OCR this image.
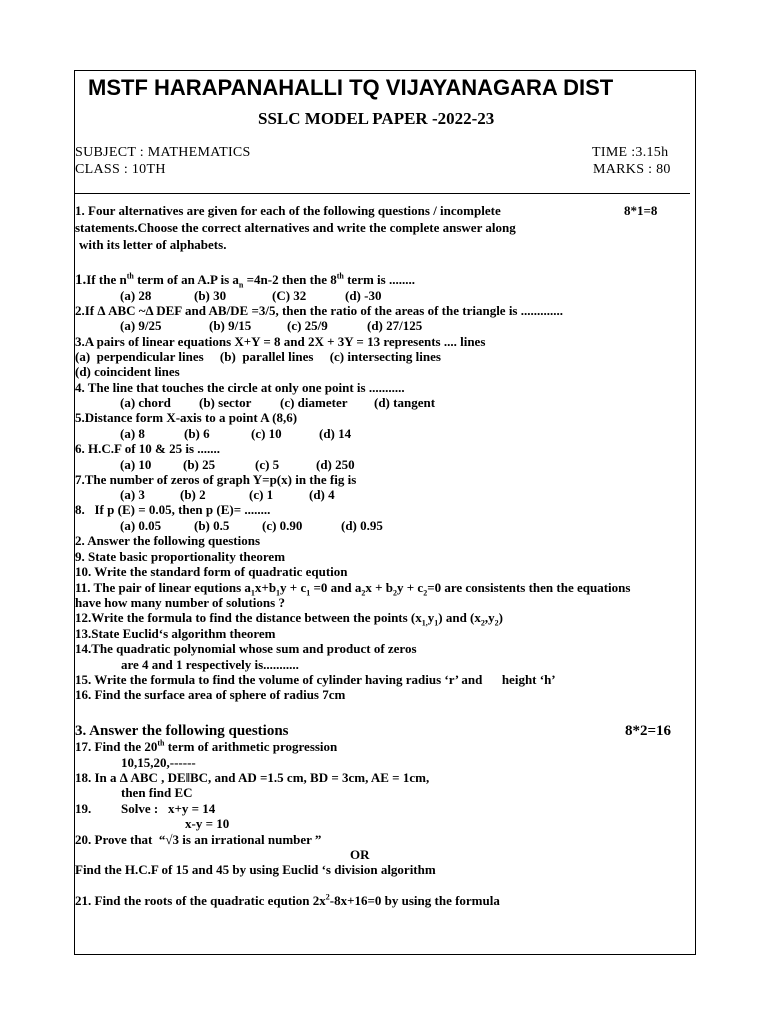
MSTF HARAPANAHALLI TQ VIJAYANAGARA DIST
SSLC MODEL PAPER -2022-23
SUBJECT : MATHEMATICS	TIME :3.15h
CLASS : 10TH	MARKS : 80
1. Four alternatives are given for each of the following questions / incomplete	8*1=8
statements.Choose the correct alternatives and write the complete answer along
with its letter of alphabets.
1.If the $n^{th}$ term of an A.P is $a_n =4n-2$ then the 8th term is ........
(a) 28	(b) 30	(C) 32	(d) -30
2.If Δ ABC ~Δ DEF and AB/DE =3/5, then the ratio of the areas of the triangle is .............
(a) 9/25	(b) 9/15	(c) 25/9	(d) 27/125
3.A pairs of linear equations X+Y = 8 and 2X + 3Y = 13 represents .... lines
(a)  perpendicular lines     (b)  parallel lines     (c) intersecting lines
(d) coincident lines
4. The line that touches the circle at only one point is ...........
(a) chord (b) sector (c) diameter (d) tangent
5.Distance form X-axis to a point A (8,6)
(a) 8	(b) 6	(c) 10	(d) 14
6. H.C.F of 10 & 25 is .......
(a) 10 (b) 25	(c) 5	(d) 250
7.The number of zeros of graph Y=p(x) in the fig is
(a) 3	(b) 2	(c) 1	(d) 4
8.   If p (E) = 0.05, then p (E)= ........
(a) 0.05	(b) 0.5	(c) 0.90	(d) 0.95
2. Answer the following questions
9. State basic proportionality theorem
10. Write the standard form of quadratic eqution
11. The pair of linear equtions $a_1x+b_1y + c_1 =0$ and $a_2x + b_2y + c_2=0$ are consistents then the equations
have how many number of solutions ?
12.Write the formula to find the distance between the points $(x_{1,}y_1)$ and $(x_2,y_2)$
13.State Euclid‘s algorithm theorem
14.The quadratic polynomial whose sum and product of zeros
are 4 and 1 respectively is...........
15. Write the formula to find the volume of cylinder having radius ‘r’ and      height ‘h’
16. Find the surface area of sphere of radius 7cm
3. Answer the following questions	8*2=16
17. Find the 20th term of arithmetic progression
10,15,20,------
18. In a Δ ABC , DE‖BC, and AD =1.5 cm, BD = 3cm, AE = 1cm,
then find EC
19. Solve :   x+y = 14
x-y = 10
20. Prove that  “√3 is an irrational number ”
OR
Find the H.C.F of 15 and 45 by using Euclid ‘s division algorithm
21. Find the roots of the quadratic eqution $2x^2-8x+16=0$ by using the formula
